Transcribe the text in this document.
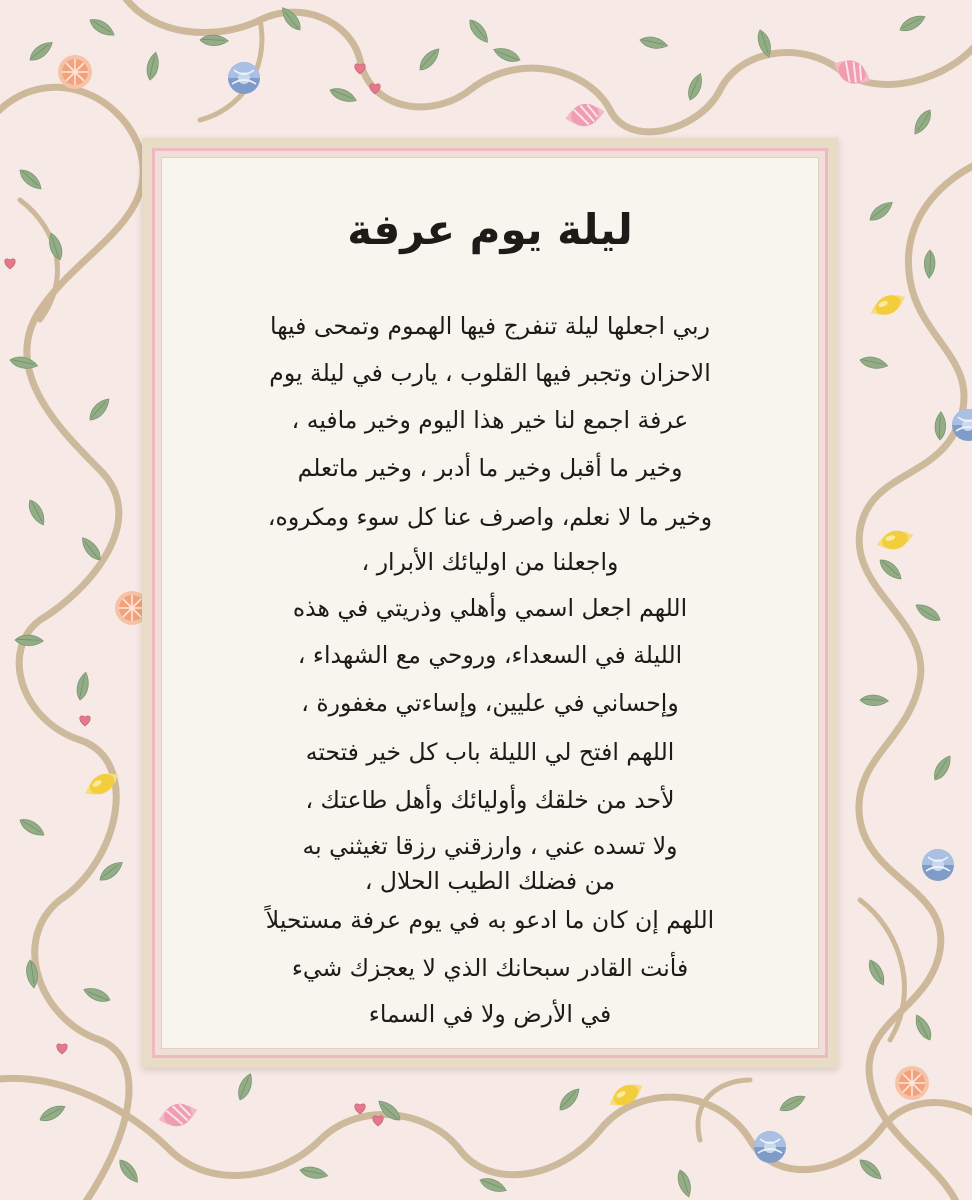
ليلة يوم عرفة
ربي اجعلها ليلة تنفرج فيها الهموم وتمحى فيها
الاحزان وتجبر فيها القلوب ، يارب في ليلة يوم
عرفة اجمع لنا خير هذا اليوم وخير مافيه ،
وخير ما أقبل وخير ما أدبر ، وخير ماتعلم
وخير ما لا نعلم، واصرف عنا كل سوء ومكروه،
واجعلنا من اوليائك الأبرار ،
اللهم اجعل اسمي وأهلي وذريتي في هذه
الليلة في السعداء، وروحي مع الشهداء ،
وإحساني في عليين، وإساءتي مغفورة ،
اللهم افتح لي الليلة باب كل خير فتحته
لأحد من خلقك وأوليائك وأهل طاعتك ،
ولا تسده عني ، وارزقني رزقا تغيثني به
من فضلك الطيب الحلال ،
اللهم إن كان ما ادعو به في يوم عرفة مستحيلاً
فأنت القادر سبحانك الذي لا يعجزك شيء
في الأرض ولا في السماء
